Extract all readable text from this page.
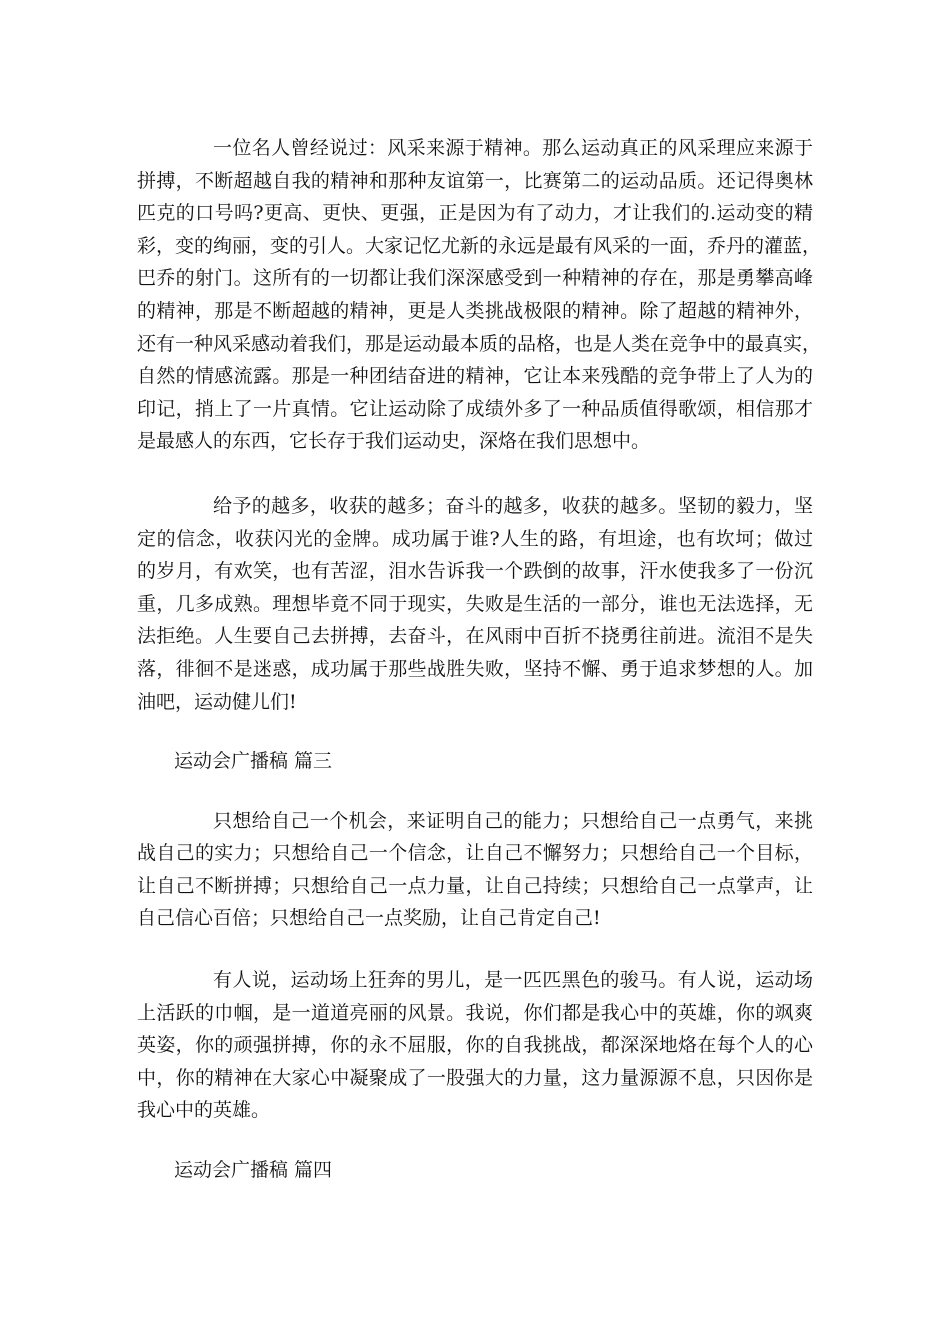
一位名人曾经说过：风采来源于精神。那么运动真正的风采理应来源于
拼搏，不断超越自我的精神和那种友谊第一，比赛第二的运动品质。还记得奥林
匹克的口号吗?更高、更快、更强，正是因为有了动力，才让我们的.运动变的精
彩，变的绚丽，变的引人。大家记忆尤新的永远是最有风采的一面，乔丹的灌蓝，
巴乔的射门。这所有的一切都让我们深深感受到一种精神的存在，那是勇攀高峰
的精神，那是不断超越的精神，更是人类挑战极限的精神。除了超越的精神外，
还有一种风采感动着我们，那是运动最本质的品格，也是人类在竞争中的最真实，
自然的情感流露。那是一种团结奋进的精神，它让本来残酷的竞争带上了人为的
印记，捎上了一片真情。它让运动除了成绩外多了一种品质值得歌颂，相信那才
是最感人的东西，它长存于我们运动史，深烙在我们思想中。

给予的越多，收获的越多；奋斗的越多，收获的越多。坚韧的毅力，坚
定的信念，收获闪光的金牌。成功属于谁?人生的路，有坦途，也有坎坷；做过
的岁月，有欢笑，也有苦涩，泪水告诉我一个跌倒的故事，汗水使我多了一份沉
重，几多成熟。理想毕竟不同于现实，失败是生活的一部分，谁也无法选择，无
法拒绝。人生要自己去拼搏，去奋斗，在风雨中百折不挠勇往前进。流泪不是失
落，徘徊不是迷惑，成功属于那些战胜失败，坚持不懈、勇于追求梦想的人。加
油吧，运动健儿们!

运动会广播稿 篇三

只想给自己一个机会，来证明自己的能力；只想给自己一点勇气，来挑
战自己的实力；只想给自己一个信念，让自己不懈努力；只想给自己一个目标，
让自己不断拼搏；只想给自己一点力量，让自己持续；只想给自己一点掌声，让
自己信心百倍；只想给自己一点奖励，让自己肯定自己!

有人说，运动场上狂奔的男儿，是一匹匹黑色的骏马。有人说，运动场
上活跃的巾帼，是一道道亮丽的风景。我说，你们都是我心中的英雄，你的飒爽
英姿，你的顽强拼搏，你的永不屈服，你的自我挑战，都深深地烙在每个人的心
中，你的精神在大家心中凝聚成了一股强大的力量，这力量源源不息，只因你是
我心中的英雄。

运动会广播稿 篇四
